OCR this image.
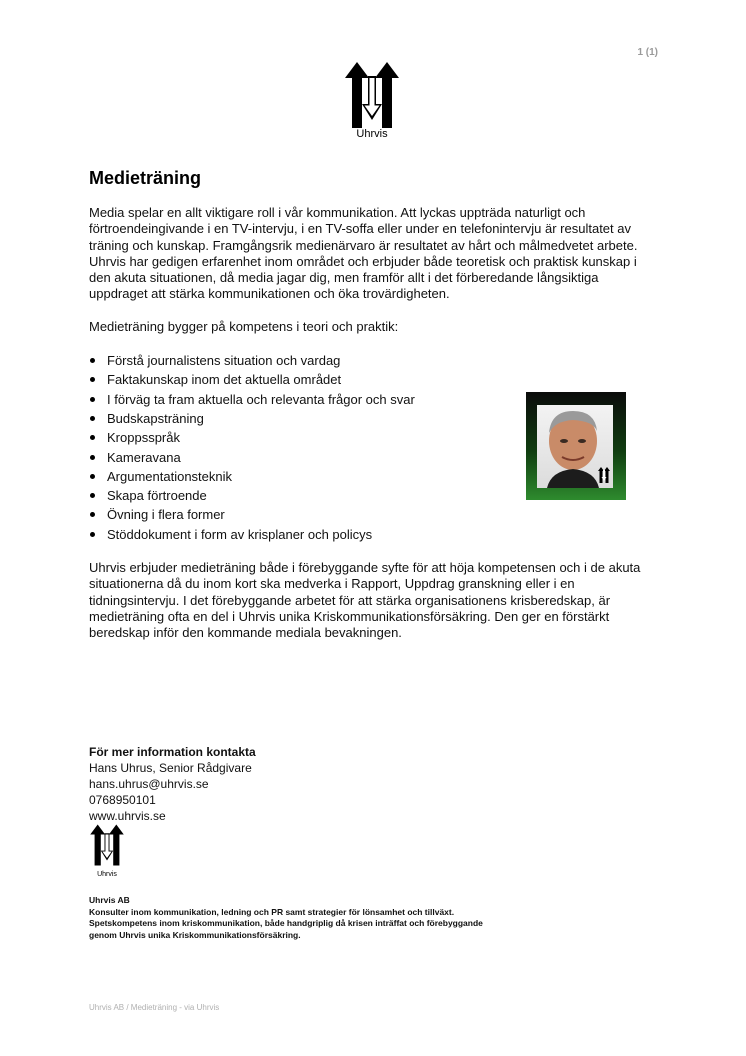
1 (1)
Uhrvis
Medieträning

Media spelar en allt viktigare roll i vår kommunikation. Att lyckas uppträda naturligt och förtroendeingivande i en TV-intervju, i en TV-soffa eller under en telefonintervju är resultatet av träning och kunskap. Framgångsrik medienärvaro är resultatet av hårt och målmedvetet arbete.

Uhrvis har gedigen erfarenhet inom området och erbjuder både teoretisk och praktisk kunskap i den akuta situationen, då media jagar dig, men framför allt i det förberedande långsiktiga uppdraget att stärka kommunikationen och öka trovärdigheten.

Medieträning bygger på kompetens i teori och praktik:

Förstå journalistens situation och vardag
Faktakunskap inom det aktuella området
I förväg ta fram aktuella och relevanta frågor och svar
Budskapsträning
Kroppsspråk
Kameravana
Argumentationsteknik
Skapa förtroende
Övning i flera former
Stöddokument i form av krisplaner och policys

Uhrvis erbjuder medieträning både i förebyggande syfte för att höja kompetensen och i de akuta situationerna då du inom kort ska medverka i Rapport, Uppdrag granskning eller i en tidningsintervju. I det förebyggande arbetet för att stärka organisationens krisberedskap, är medieträning ofta en del i Uhrvis unika Kriskommunikationsförsäkring. Den ger en förstärkt beredskap inför den kommande mediala bevakningen.

För mer information kontakta
Hans Uhrus, Senior Rådgivare
hans.uhrus@uhrvis.se
0768950101
www.uhrvis.se
Uhrvis
Uhrvis AB
Konsulter inom kommunikation, ledning och PR samt strategier för lönsamhet och tillväxt.
Spetskompetens inom kriskommunikation, både handgriplig då krisen inträffat och förebyggande
genom Uhrvis unika Kriskommunikationsförsäkring.
Uhrvis AB / Medieträning - via Uhrvis
